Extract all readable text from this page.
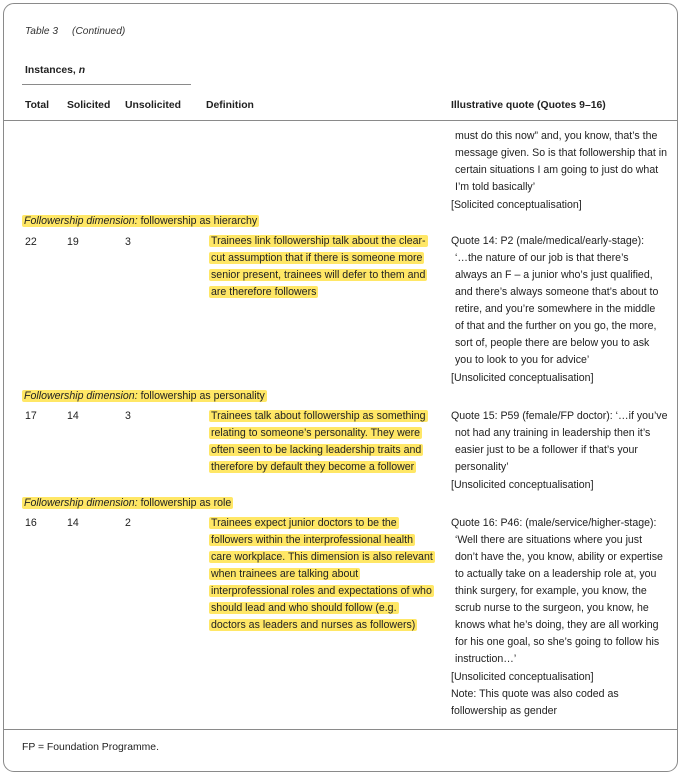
Table 3 (Continued)
Instances, n
Total Solicited Unsolicited Definition	Illustrative quote (Quotes 9–16)
must do this now” and, you know, that’s the
message given. So is that followership that in
certain situations I am going to just do what
I’m told basically’
[Solicited conceptualisation]
Followership dimension: followership as hierarchy
22	19	3	Trainees link followership talk about the clear-
cut assumption that if there is someone more
senior present, trainees will defer to them and
are therefore followers
Quote 14: P2 (male/medical/early-stage):
‘…the nature of our job is that there’s
always an F – a junior who’s just qualified,
and there’s always someone that’s about to
retire, and you’re somewhere in the middle
of that and the further on you go, the more,
sort of, people there are below you to ask
you to look to you for advice’
[Unsolicited conceptualisation]
Followership dimension: followership as personality
17	14	3	Trainees talk about followership as something
relating to someone’s personality. They were
often seen to be lacking leadership traits and
therefore by default they become a follower
Quote 15: P59 (female/FP doctor): ‘…if you’ve
not had any training in leadership then it’s
easier just to be a follower if that’s your
personality’
[Unsolicited conceptualisation]
Followership dimension: followership as role
16	14	2	Trainees expect junior doctors to be the
followers within the interprofessional health
care workplace. This dimension is also relevant
when trainees are talking about
interprofessional roles and expectations of who
should lead and who should follow (e.g.
doctors as leaders and nurses as followers)
Quote 16: P46: (male/service/higher-stage):
‘Well there are situations where you just
don’t have the, you know, ability or expertise
to actually take on a leadership role at, you
think surgery, for example, you know, the
scrub nurse to the surgeon, you know, he
knows what he’s doing, they are all working
for his one goal, so she’s going to follow his
instruction…’
[Unsolicited conceptualisation]
Note: This quote was also coded as
followership as gender
FP = Foundation Programme.
